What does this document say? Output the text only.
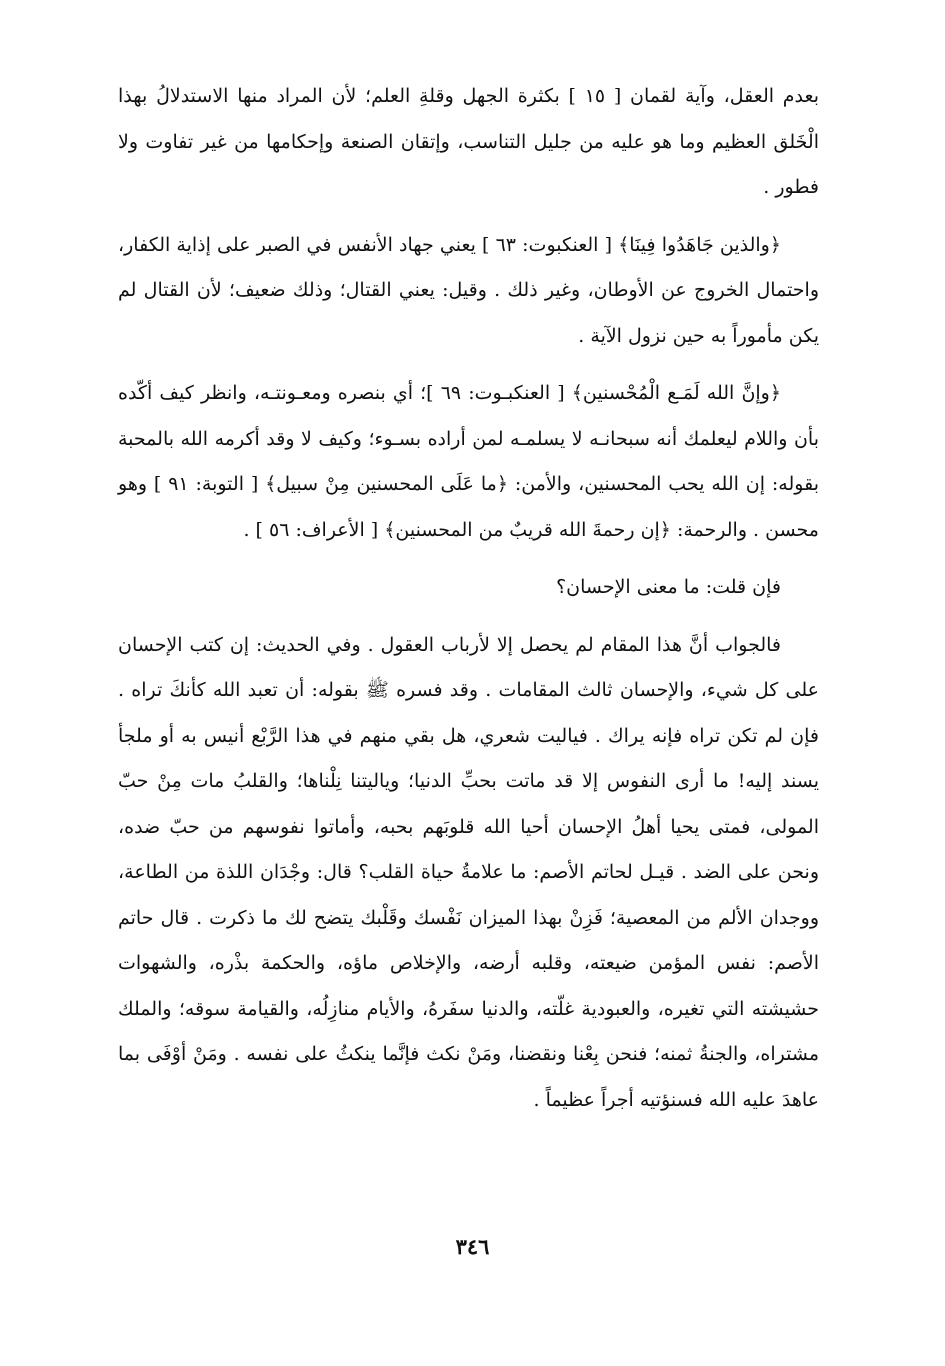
بعدم العقل، وآية لقمان [ ١٥ ] بكثرة الجهل وقلةِ العلم؛ لأن المراد منها الاستدلالُ بهذا الْخَلق العظيم وما هو عليه من جليل التناسب، وإتقان الصنعة وإحكامها من غير تفاوت ولا فطور .

﴿والذين جَاهَدُوا فِينَا﴾ [ العنكبوت: ٦٣ ] يعني جهاد الأنفس في الصبر على إذاية الكفار، واحتمال الخروج عن الأوطان، وغير ذلك . وقيل: يعني القتال؛ وذلك ضعيف؛ لأن القتال لم يكن مأموراً به حين نزول الآية .

﴿وإنَّ الله لَمَـع الْمُحْسنين﴾ [ العنكبـوت: ٦٩ ]؛ أي بنصره ومعـونتـه، وانظر كيف أكّده بأن واللام ليعلمك أنه سبحانـه لا يسلمـه لمن أراده بسـوء؛ وكيف لا وقد أكرمه الله بالمحبة بقوله: إن الله يحب المحسنين، والأمن: ﴿ما عَلَى المحسنين مِنْ سبيل﴾ [ التوبة: ٩١ ] وهو محسن . والرحمة: ﴿إن رحمةَ الله قريبٌ من المحسنين﴾ [ الأعراف: ٥٦ ] .

فإن قلت: ما معنى الإحسان؟

فالجواب أنَّ هذا المقام لم يحصل إلا لأرباب العقول . وفي الحديث: إن كتب الإحسان على كل شيء، والإحسان ثالث المقامات . وقد فسره ﷺ بقوله: أن تعبد الله كأنكَ تراه . فإن لم تكن تراه فإنه يراك . فياليت شعري، هل بقي منهم في هذا الرَّبْع أنيس به أو ملجأ يسند إليه! ما أرى النفوس إلا قد ماتت بحبِّ الدنيا؛ وياليتنا نِلْناها؛ والقلبُ مات مِنْ حبّ المولى، فمتى يحيا أهلُ الإحسان أحيا الله قلوبَهم بحبه، وأماتوا نفوسهم من حبّ ضده، ونحن على الضد . قيـل لحاتم الأصم: ما علامةُ حياة القلب؟ قال: وجْدَان اللذة من الطاعة، ووجدان الألم من المعصية؛ فَزِنْ بهذا الميزان نَفْسك وقَلْبك يتضح لك ما ذكرت . قال حاتم الأصم: نفس المؤمن ضيعته، وقلبه أرضه، والإخلاص ماؤه، والحكمة بذْره، والشهوات حشيشته التي تغيره، والعبودية غلّته، والدنيا سفَرهُ، والأيام منازِلُه، والقيامة سوقه؛ والملك مشتراه، والجنةُ ثمنه؛ فنحن بِعْنا ونقضنا، ومَنْ نكث فإنَّما ينكثُ على نفسه . ومَنْ أوْفَى بما عاهدَ عليه الله فسنؤتيه أجراً عظيماً .

٣٤٦
